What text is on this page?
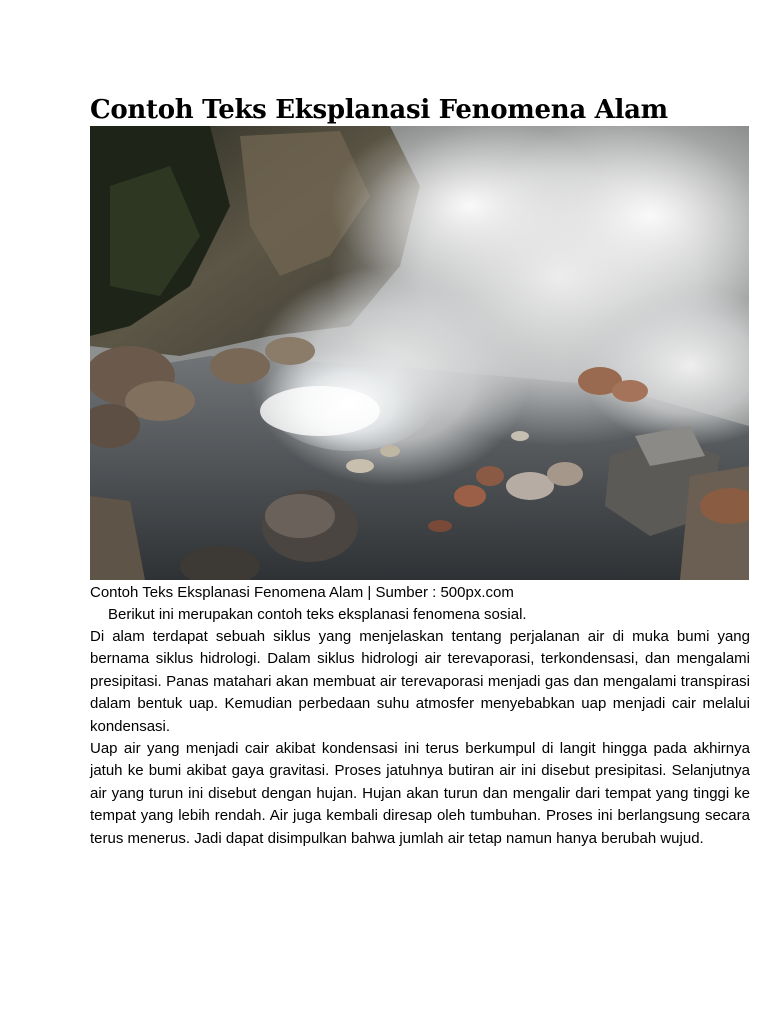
Contoh Teks Eksplanasi Fenomena Alam

Contoh Teks Eksplanasi Fenomena Alam | Sumber : 500px.com

Berikut ini merupakan contoh teks eksplanasi fenomena sosial.

Di alam terdapat sebuah siklus yang menjelaskan tentang perjalanan air di muka bumi yang bernama siklus hidrologi. Dalam siklus hidrologi air terevaporasi, terkondensasi, dan mengalami presipitasi. Panas matahari akan membuat air terevaporasi menjadi gas dan mengalami transpirasi dalam bentuk uap. Kemudian perbedaan suhu atmosfer menyebabkan uap menjadi cair melalui kondensasi.

Uap air yang menjadi cair akibat kondensasi ini terus berkumpul di langit hingga pada akhirnya jatuh ke bumi akibat gaya gravitasi. Proses jatuhnya butiran air ini disebut presipitasi. Selanjutnya air yang turun ini disebut dengan hujan. Hujan akan turun dan mengalir dari tempat yang tinggi ke tempat yang lebih rendah. Air juga kembali diresap oleh tumbuhan. Proses ini berlangsung secara terus menerus. Jadi dapat disimpulkan bahwa jumlah air tetap namun hanya berubah wujud.
